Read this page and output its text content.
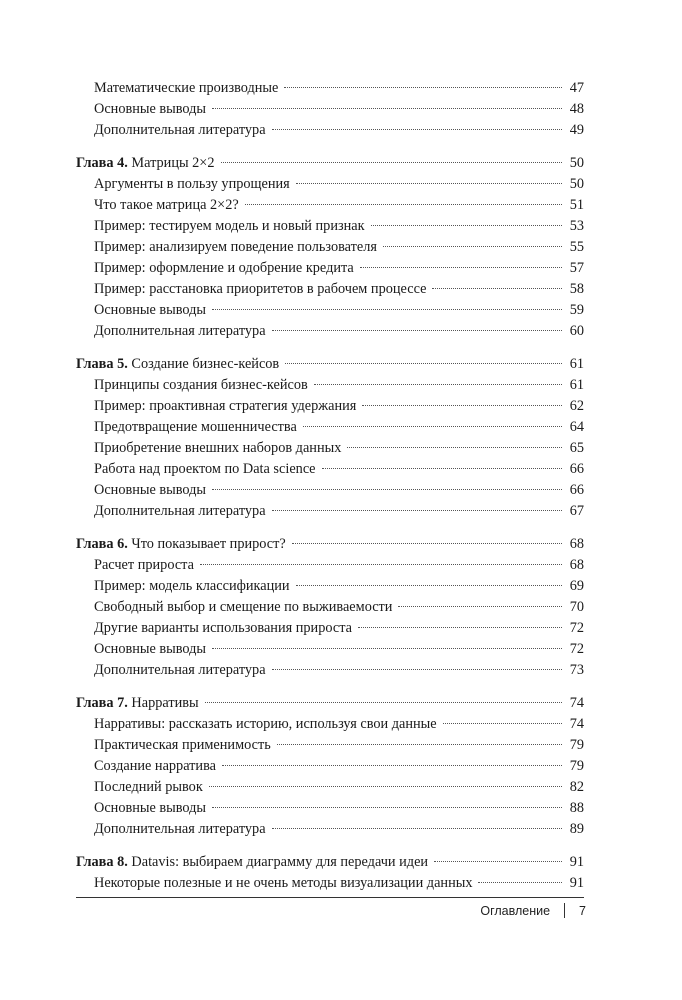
Математические производные	47
Основные выводы	48
Дополнительная литература	49
Глава 4. Матрицы 2×2	50
Аргументы в пользу упрощения	50
Что такое матрица 2×2?	51
Пример: тестируем модель и новый признак	53
Пример: анализируем поведение пользователя	55
Пример: оформление и одобрение кредита	57
Пример: расстановка приоритетов в рабочем процессе	58
Основные выводы	59
Дополнительная литература	60
Глава 5. Создание бизнес-кейсов	61
Принципы создания бизнес-кейсов	61
Пример: проактивная стратегия удержания	62
Предотвращение мошенничества	64
Приобретение внешних наборов данных	65
Работа над проектом по Data science	66
Основные выводы	66
Дополнительная литература	67
Глава 6. Что показывает прирост?	68
Расчет прироста	68
Пример: модель классификации	69
Свободный выбор и смещение по выживаемости	70
Другие варианты использования прироста	72
Основные выводы	72
Дополнительная литература	73
Глава 7. Нарративы	74
Нарративы: рассказать историю, используя свои данные	74
Практическая применимость	79
Создание нарратива	79
Последний рывок	82
Основные выводы	88
Дополнительная литература	89
Глава 8. Datavis: выбираем диаграмму для передачи идеи	91
Некоторые полезные и не очень методы визуализации данных	91
Оглавление 7
